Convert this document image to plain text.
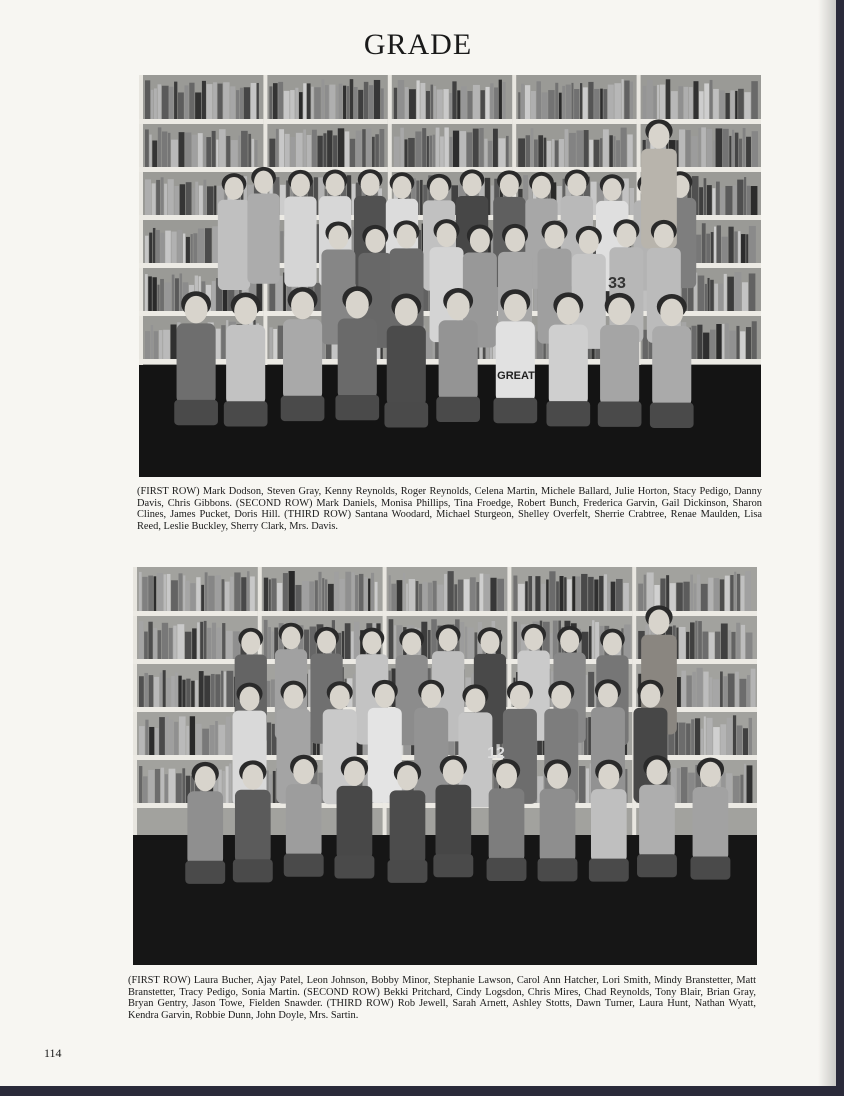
GRADE
33
GREAT
(FIRST ROW) Mark Dodson, Steven Gray, Kenny Reynolds, Roger Reynolds, Celena Martin, Michele Ballard, Julie Horton, Stacy Pedigo, Danny Davis, Chris Gibbons. (SECOND ROW) Mark Daniels, Monisa Phillips, Tina Froedge, Robert Bunch, Frederica Garvin, Gail Dickinson, Sharon Clines, James Pucket, Doris Hill. (THIRD ROW) Santana Woodard, Michael Sturgeon, Shelley Overfelt, Sherrie Crabtree, Renae Maulden, Lisa Reed, Leslie Buckley, Sherry Clark, Mrs. Davis.
12
(FIRST ROW) Laura Bucher, Ajay Patel, Leon Johnson, Bobby Minor, Stephanie Lawson, Carol Ann Hatcher, Lori Smith, Mindy Branstetter, Matt Branstetter, Tracy Pedigo, Sonia Martin. (SECOND ROW) Bekki Pritchard, Cindy Logsdon, Chris Mires, Chad Reynolds, Tony Blair, Brian Gray, Bryan Gentry, Jason Towe, Fielden Snawder. (THIRD ROW) Rob Jewell, Sarah Arnett, Ashley Stotts, Dawn Turner, Laura Hunt, Nathan Wyatt, Kendra Garvin, Robbie Dunn, John Doyle, Mrs. Sartin.
114
